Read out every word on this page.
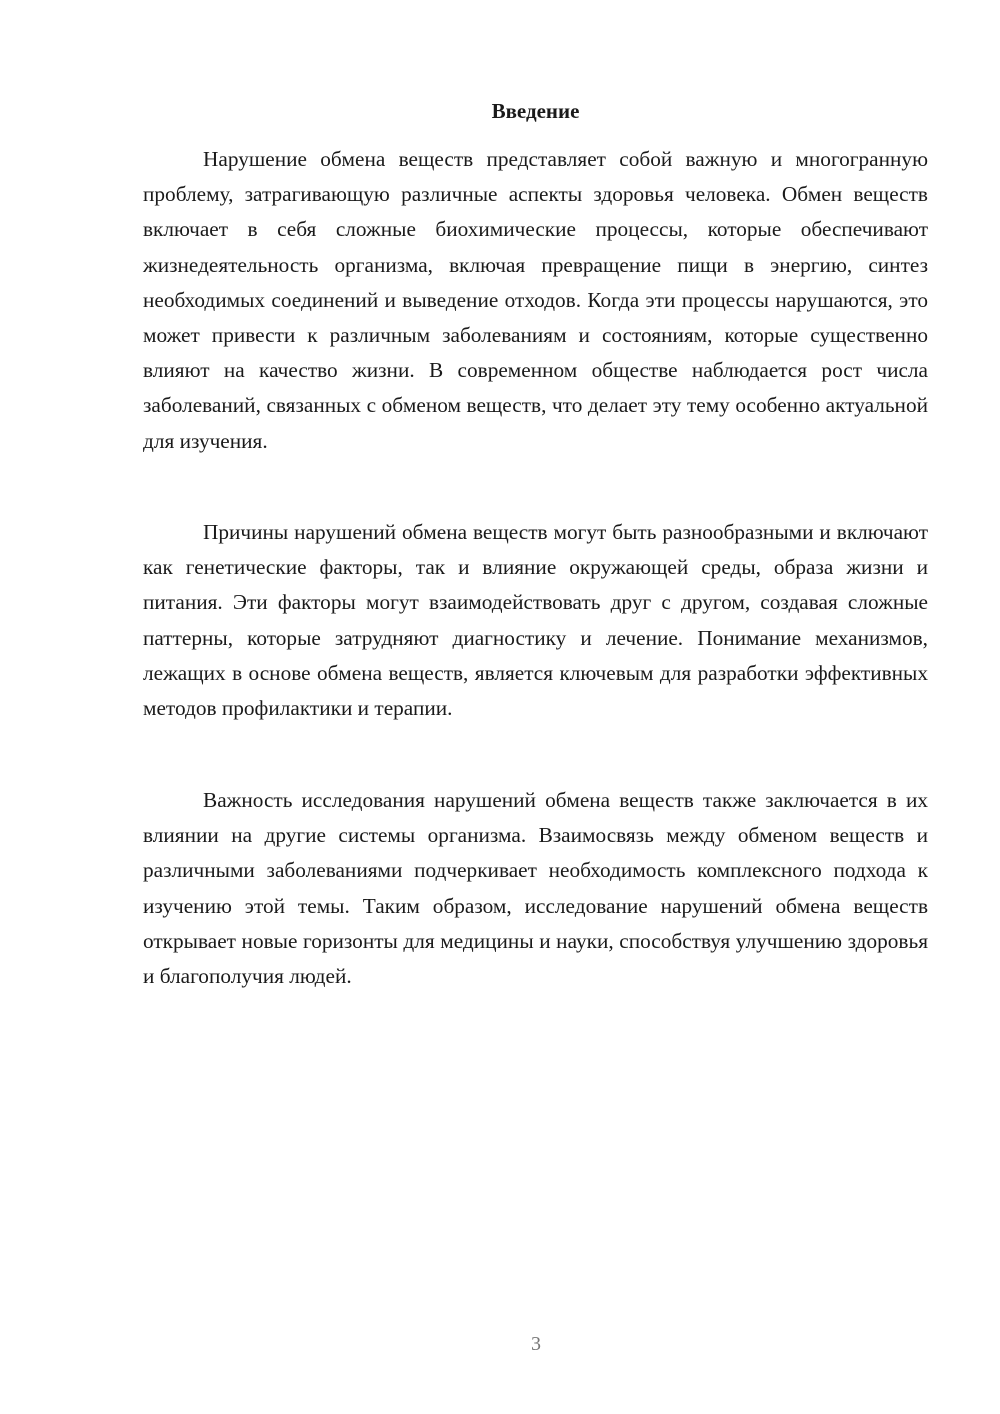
Введение

Нарушение обмена веществ представляет собой важную и многогранную проблему, затрагивающую различные аспекты здоровья человека. Обмен веществ включает в себя сложные биохимические процессы, которые обеспечивают жизнедеятельность организма, включая превращение пищи в энергию, синтез необходимых соединений и выведение отходов. Когда эти процессы нарушаются, это может привести к различным заболеваниям и состояниям, которые существенно влияют на качество жизни. В современном обществе наблюдается рост числа заболеваний, связанных с обменом веществ, что делает эту тему особенно актуальной для изучения.

Причины нарушений обмена веществ могут быть разнообразными и включают как генетические факторы, так и влияние окружающей среды, образа жизни и питания. Эти факторы могут взаимодействовать друг с другом, создавая сложные паттерны, которые затрудняют диагностику и лечение. Понимание механизмов, лежащих в основе обмена веществ, является ключевым для разработки эффективных методов профилактики и терапии.

Важность исследования нарушений обмена веществ также заключается в их влиянии на другие системы организма. Взаимосвязь между обменом веществ и различными заболеваниями подчеркивает необходимость комплексного подхода к изучению этой темы. Таким образом, исследование нарушений обмена веществ открывает новые горизонты для медицины и науки, способствуя улучшению здоровья и благополучия людей.

3
